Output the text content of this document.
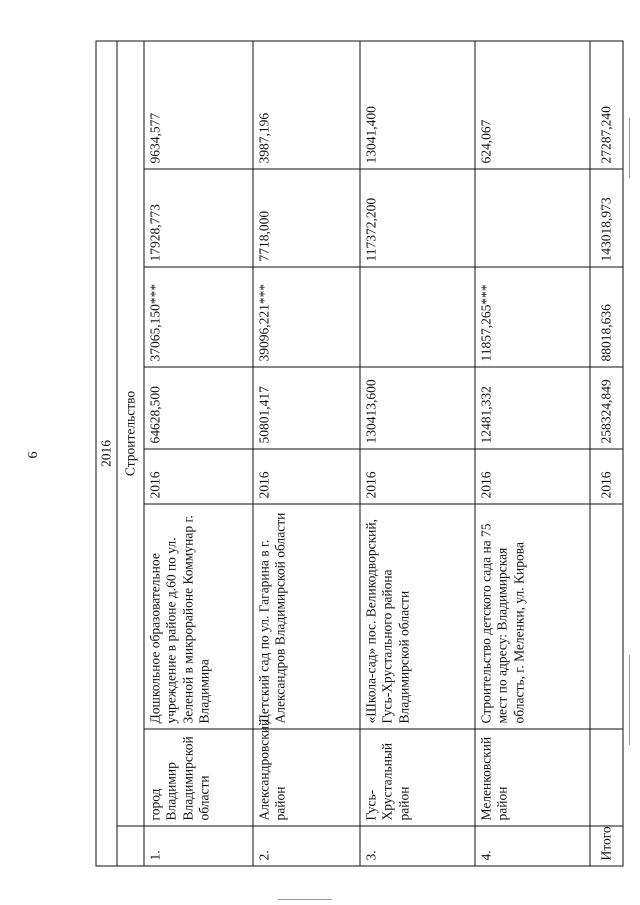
6	2016							
	Строительство						
1.	город Владимир Владимирской области	Дошкольное образовательное учреждение в районе д.60 по ул. Зеленой в микрорайоне Коммунар г. Владимира	2016	64628,500	37065,150***	17928,773	9634,577
2.	Александровский район	Детский сад по ул. Гагарина в г. Александров Владимирской области	2016	50801,417	39096,221***	7718,000	3987,196
3.	Гусь-Хрустальный район	«Школа-сад» пос. Великодворский, Гусь-Хрустального района Владимирской области	2016	130413,600		117372,200	13041,400
4.	Меленковский район	Строительство детского сада на 75 мест по адресу: Владимирская область, г. Меленки, ул. Кирова	2016	12481,332	11857,265***		624,067
Итого			2016	258324,849	88018,636	143018,973	27287,240
